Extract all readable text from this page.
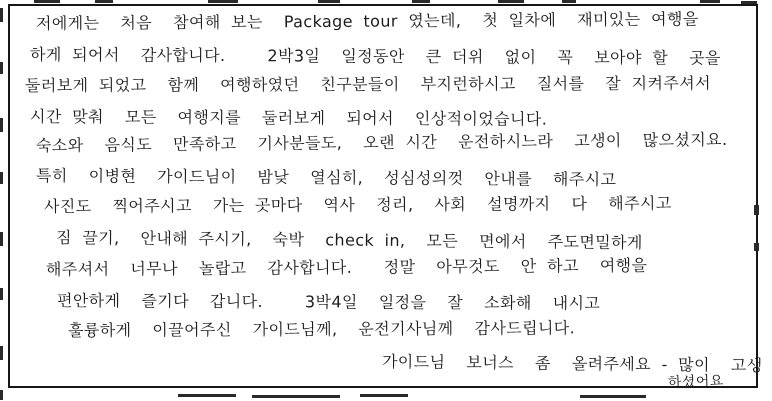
저에게는  처음  참여해 보는  Package tour 였는데,  첫 일차에  재미있는 여행을
하게 되어서  감사합니다.    2박3일  일정동안  큰 더위  없이  꼭  보아야 할  곳을
둘러보게 되었고  함께  여행하였던  친구분들이  부지런하시고  질서를  잘 지켜주셔서
시간 맞춰  모든  여행지를  둘러보게  되어서  인상적이었습니다.
숙소와  음식도  만족하고  기사분들도,  오랜 시간  운전하시느라  고생이  많으셨지요.
특히  이병현  가이드님이  밤낮  열심히,  성심성의껏  안내를  해주시고
사진도  찍어주시고  가는 곳마다  역사  정리,  사회  설명까지  다  해주시고
짐 끌기,  안내해 주시기,  숙박  check in,  모든  면에서  주도면밀하게
해주셔서  너무나  놀랍고  감사합니다.   정말  아무것도  안 하고  여행을
편안하게  즐기다  갑니다.    3박4일  일정을  잘  소화해  내시고
훌륭하게  이끌어주신  가이드님께,  운전기사님께  감사드립니다.
가이드님  보너스  좀  올려주세요 - 많이  고생
하셨어요
